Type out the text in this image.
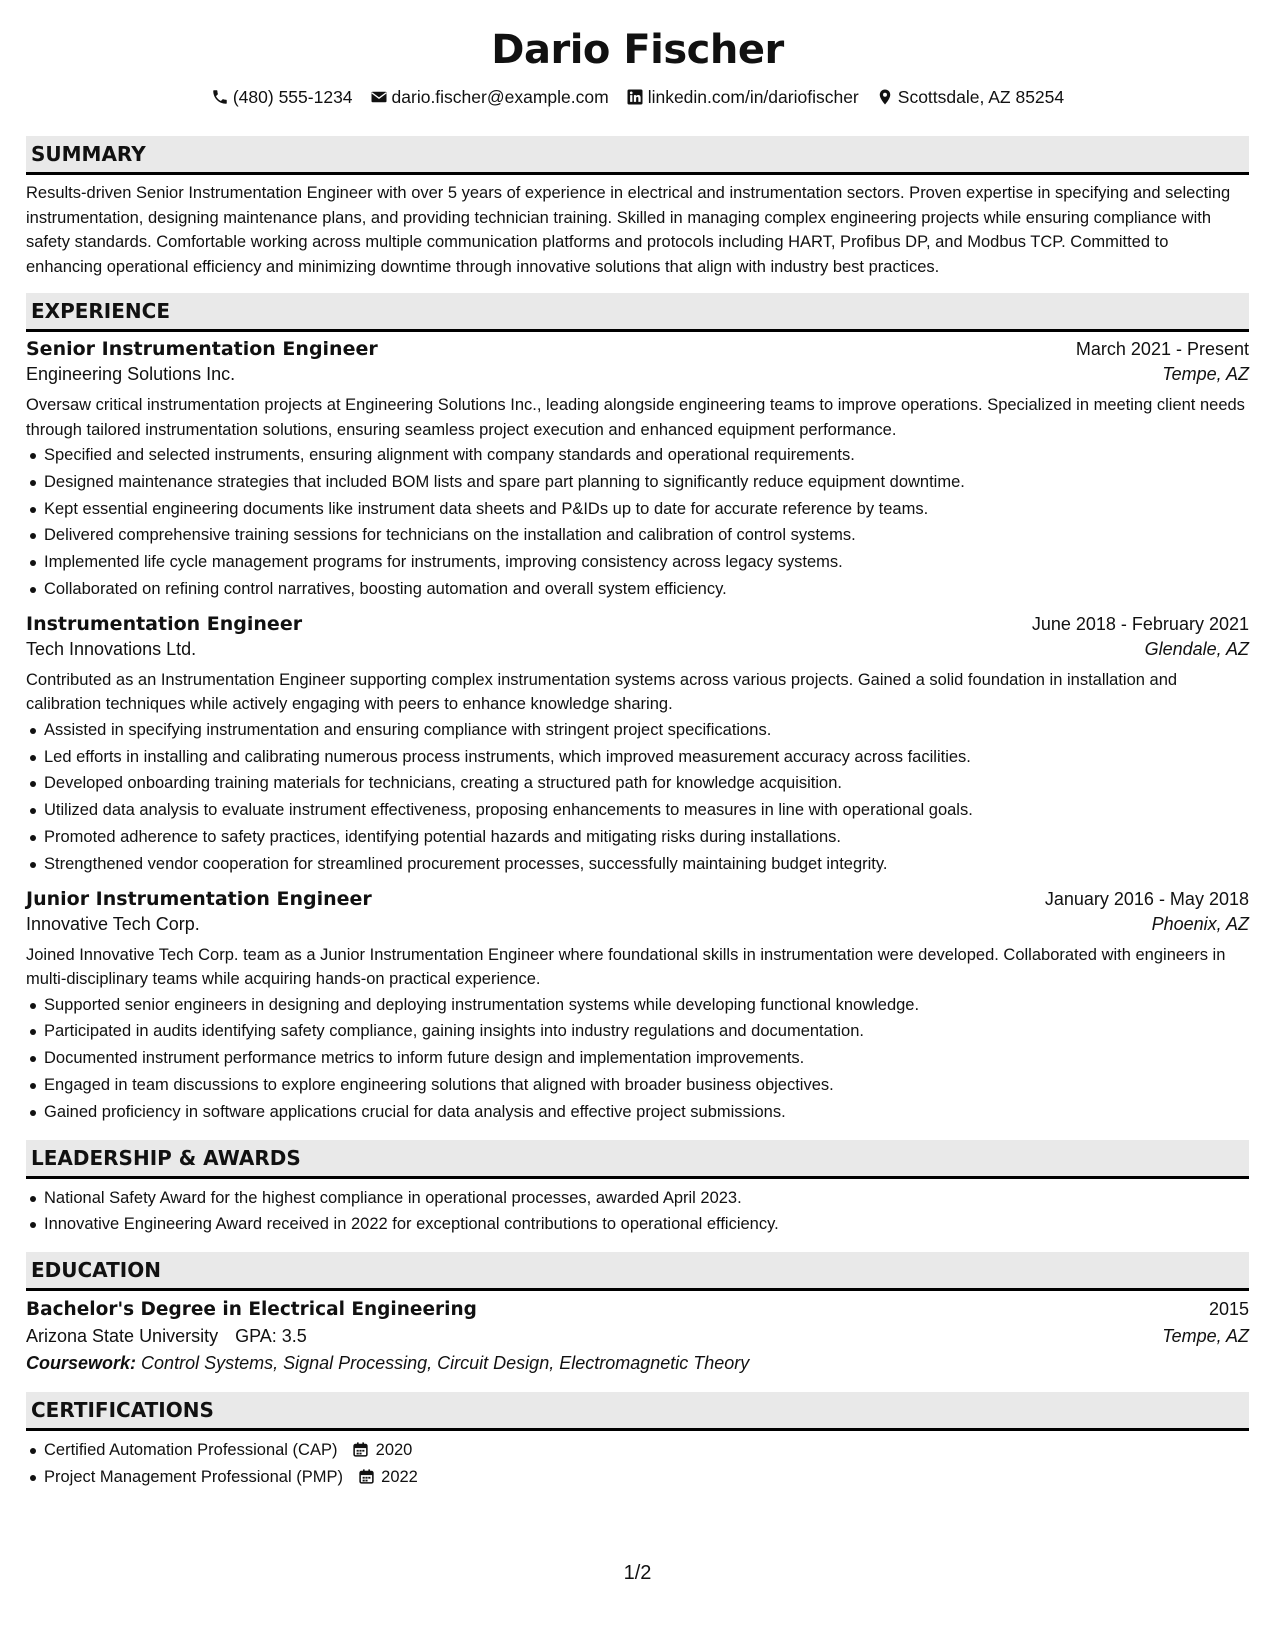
Dario Fischer
(480) 555-1234 dario.fischer@example.com linkedin.com/in/dariofischer Scottsdale, AZ 85254
SUMMARY
Results-driven Senior Instrumentation Engineer with over 5 years of experience in electrical and instrumentation sectors. Proven expertise in specifying and selecting instrumentation, designing maintenance plans, and providing technician training. Skilled in managing complex engineering projects while ensuring compliance with safety standards. Comfortable working across multiple communication platforms and protocols including HART, Profibus DP, and Modbus TCP. Committed to enhancing operational efficiency and minimizing downtime through innovative solutions that align with industry best practices.
EXPERIENCE
Senior Instrumentation Engineer	March 2021 - Present
Engineering Solutions Inc.	Tempe, AZ
Oversaw critical instrumentation projects at Engineering Solutions Inc., leading alongside engineering teams to improve operations. Specialized in meeting client needs through tailored instrumentation solutions, ensuring seamless project execution and enhanced equipment performance.
Specified and selected instruments, ensuring alignment with company standards and operational requirements.
Designed maintenance strategies that included BOM lists and spare part planning to significantly reduce equipment downtime.
Kept essential engineering documents like instrument data sheets and P&IDs up to date for accurate reference by teams.
Delivered comprehensive training sessions for technicians on the installation and calibration of control systems.
Implemented life cycle management programs for instruments, improving consistency across legacy systems.
Collaborated on refining control narratives, boosting automation and overall system efficiency.
Instrumentation Engineer	June 2018 - February 2021
Tech Innovations Ltd.	Glendale, AZ
Contributed as an Instrumentation Engineer supporting complex instrumentation systems across various projects. Gained a solid foundation in installation and calibration techniques while actively engaging with peers to enhance knowledge sharing.
Assisted in specifying instrumentation and ensuring compliance with stringent project specifications.
Led efforts in installing and calibrating numerous process instruments, which improved measurement accuracy across facilities.
Developed onboarding training materials for technicians, creating a structured path for knowledge acquisition.
Utilized data analysis to evaluate instrument effectiveness, proposing enhancements to measures in line with operational goals.
Promoted adherence to safety practices, identifying potential hazards and mitigating risks during installations.
Strengthened vendor cooperation for streamlined procurement processes, successfully maintaining budget integrity.
Junior Instrumentation Engineer	January 2016 - May 2018
Innovative Tech Corp.	Phoenix, AZ
Joined Innovative Tech Corp. team as a Junior Instrumentation Engineer where foundational skills in instrumentation were developed. Collaborated with engineers in multi-disciplinary teams while acquiring hands-on practical experience.
Supported senior engineers in designing and deploying instrumentation systems while developing functional knowledge.
Participated in audits identifying safety compliance, gaining insights into industry regulations and documentation.
Documented instrument performance metrics to inform future design and implementation improvements.
Engaged in team discussions to explore engineering solutions that aligned with broader business objectives.
Gained proficiency in software applications crucial for data analysis and effective project submissions.
LEADERSHIP & AWARDS
National Safety Award for the highest compliance in operational processes, awarded April 2023.
Innovative Engineering Award received in 2022 for exceptional contributions to operational efficiency.
EDUCATION
Bachelor's Degree in Electrical Engineering	2015
Arizona State University GPA: 3.5	Tempe, AZ
Coursework: Control Systems, Signal Processing, Circuit Design, Electromagnetic Theory
CERTIFICATIONS
Certified Automation Professional (CAP) 2020
Project Management Professional (PMP) 2022
1/2
